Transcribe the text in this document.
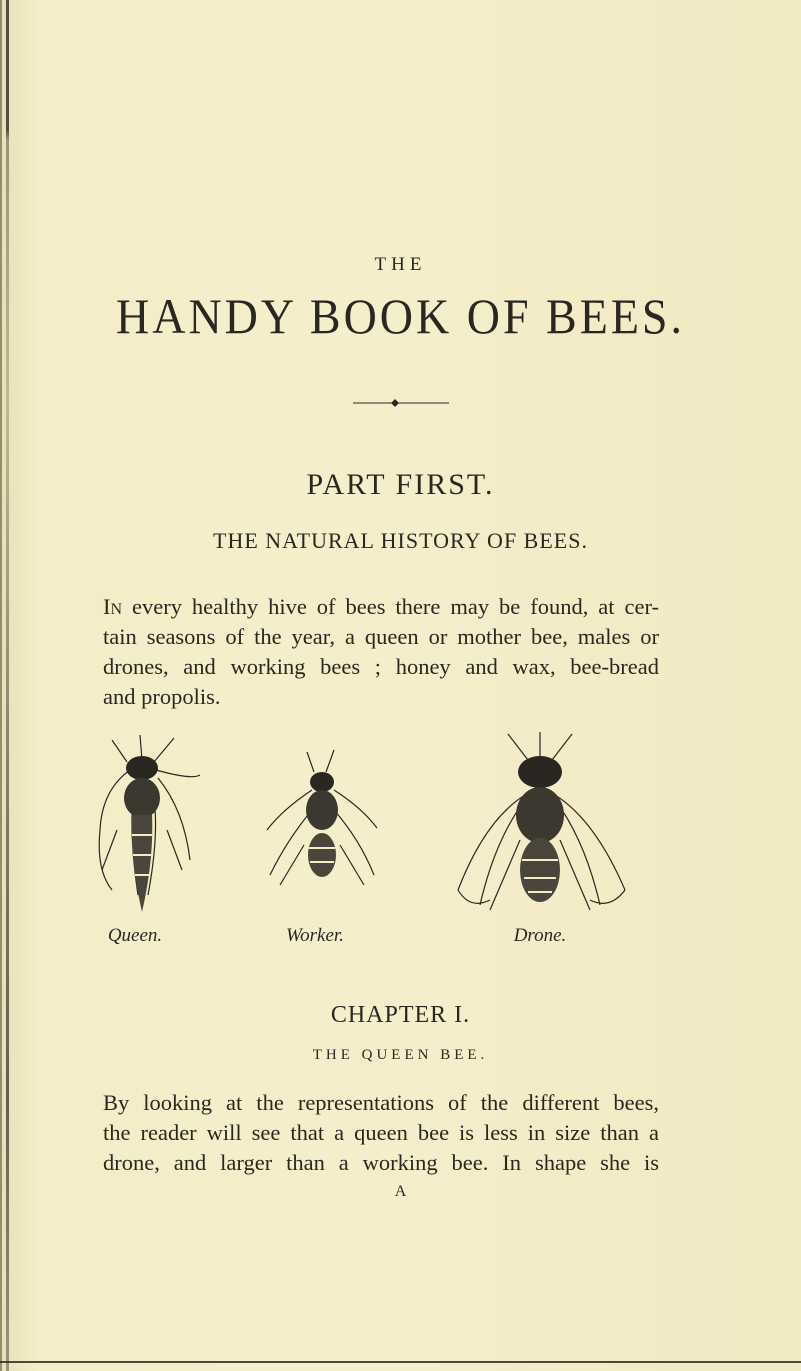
THE
HANDY BOOK OF BEES.
PART FIRST.
THE NATURAL HISTORY OF BEES.
In every healthy hive of bees there may be found, at cer-
tain seasons of the year, a queen or mother bee, males or
drones, and working bees ; honey and wax, bee-bread
and propolis.
Queen.	Worker.	Drone.
CHAPTER I.
THE QUEEN BEE.
By looking at the representations of the different bees,
the reader will see that a queen bee is less in size than a
drone, and larger than a working bee. In shape she is
A
